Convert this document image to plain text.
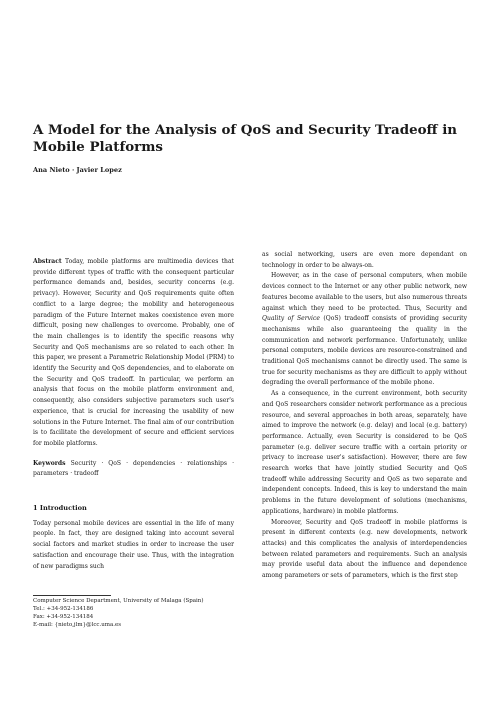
A Model for the Analysis of QoS and Security Tradeoff in Mobile Platforms
Ana Nieto · Javier Lopez

Abstract Today, mobile platforms are multimedia devices that provide different types of traffic with the consequent particular performance demands and, besides, security concerns (e.g. privacy). However, Security and QoS requirements quite often conflict to a large degree; the mobility and heterogeneous paradigm of the Future Internet makes coexistence even more difficult, posing new challenges to overcome. Probably, one of the main challenges is to identify the specific reasons why Security and QoS mechanisms are so related to each other. In this paper, we present a Parametric Relationship Model (PRM) to identify the Security and QoS dependencies, and to elaborate on the Security and QoS tradeoff. In particular, we perform an analysis that focus on the mobile platform environment and, consequently, also considers subjective parameters such user's experience, that is crucial for increasing the usability of new solutions in the Future Internet. The final aim of our contribution is to facilitate the development of secure and efficient services for mobile platforms.

Keywords Security · QoS · dependencies · relationships · parameters · tradeoff

1 Introduction

Today personal mobile devices are essential in the life of many people. In fact, they are designed taking into account several social factors and market studies in order to increase the user satisfaction and encourage their use. Thus, with the integration of new paradigms such

Computer Science Department, University of Malaga (Spain)
Tel.: +34-952-134186
Fax: +34-952-134184
E-mail: {nieto,jlm}@lcc.uma.es

as social networking, users are even more dependant on technology in order to be always-on.

However, as in the case of personal computers, when mobile devices connect to the Internet or any other public network, new features become available to the users, but also numerous threats against which they need to be protected. Thus, Security and Quality of Service (QoS) tradeoff consists of providing security mechanisms while also guaranteeing the quality in the communication and network performance. Unfortunately, unlike personal computers, mobile devices are resource-constrained and traditional QoS mechanisms cannot be directly used. The same is true for security mechanisms as they are difficult to apply without degrading the overall performance of the mobile phone.

As a consequence, in the current environment, both security and QoS researchers consider network performance as a precious resource, and several approaches in both areas, separately, have aimed to improve the network (e.g. delay) and local (e.g. battery) performance. Actually, even Security is considered to be QoS parameter (e.g. deliver secure traffic with a certain priority or privacy to increase user's satisfaction). However, there are few research works that have jointly studied Security and QoS tradeoff while addressing Security and QoS as two separate and independent concepts. Indeed, this is key to understand the main problems in the future development of solutions (mechanisms, applications, hardware) in mobile platforms.

Moreover, Security and QoS tradeoff in mobile platforms is present in different contexts (e.g. new developments, network attacks) and this complicates the analysis of interdependencies between related parameters and requirements. Such an analysis may provide useful data about the influence and dependence among parameters or sets of parameters, which is the first step
